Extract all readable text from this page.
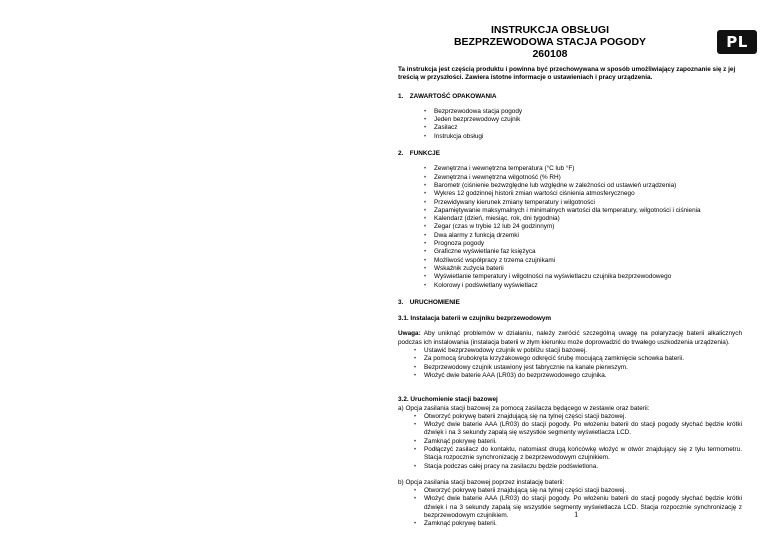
INSTRUKCJA OBSŁUGI
BEZPRZEWODOWA STACJA POGODY
260108
PL

Ta instrukcja jest częścią produktu i powinna być przechowywana w sposób umożliwiający zapoznanie się z jej treścią w przyszłości. Zawiera istotne informacje o ustawieniach i pracy urządzenia.

1. ZAWARTOŚĆ OPAKOWANIA
• Bezprzewodowa stacja pogody
• Jeden bezprzewodowy czujnik
• Zasilacz
• Instrukcja obsługi
2. FUNKCJE
• Zewnętrzna i wewnętrzna temperatura (°C lub °F)
• Zewnętrzna i wewnętrzna wilgotność (% RH)
• Barometr (ciśnienie bezwzględne lub względne w zależności od ustawień urządzenia)
• Wykres 12 godzinnej historii zmian wartości ciśnienia atmosferycznego
• Przewidywany kierunek zmiany temperatury i wilgotności
• Zapamiętywanie maksymalnych i minimalnych wartości dla temperatury, wilgotności i ciśnienia
• Kalendarz (dzień, miesiąc, rok, dni tygodnia)
• Zegar (czas w trybie 12 lub 24 godzinnym)
• Dwa alarmy z funkcją drzemki
• Prognoza pogody
• Graficzne wyświetlanie faz księżyca
• Możliwość współpracy z trzema czujnikami
• Wskaźnik zużycia baterii
• Wyświetlanie temperatury i wilgotności na wyświetlaczu czujnika bezprzewodowego
• Kolorowy i podświetlany wyświetlacz
3. URUCHOMIENIE
3.1. Instalacja baterii w czujniku bezprzewodowym

Uwaga: Aby uniknąć problemów w działaniu, należy zwrócić szczególną uwagę na polaryzację baterii alkalicznych podczas ich instalowania (instalacja baterii w złym kierunku może doprowadzić do trwałego uszkodzenia urządzenia).

• Ustawić bezprzewodowy czujnik w pobliżu stacji bazowej.
• Za pomocą śrubokręta krzyżakowego odkręcić śrubę mocującą zamknięcie schowka baterii.
• Bezprzewodowy czujnik ustawiony jest fabrycznie na kanale pierwszym.
• Włożyć dwie baterie AAA (LR03) do bezprzewodowego czujnika.
3.2. Uruchomienie stacji bazowej
a) Opcja zasilania stacji bazowej za pomocą zasilacza będącego w zestawie oraz baterii:
• Otworzyć pokrywę baterii znajdującą się na tylnej części stacji bazowej.
• Włożyć dwie baterie AAA (LR03) do stacji pogody. Po włożeniu baterii do stacji pogody słychać będzie krótki dźwięk i na 3 sekundy zapalą się wszystkie segmenty wyświetlacza LCD.
• Zamknąć pokrywę baterii.
• Podłączyć zasilacz do kontaktu, natomiast drugą końcówkę włożyć w otwór znajdujący się z tyłu termometru. Stacja rozpocznie synchronizację z bezprzewodowym czujnikiem.
• Stacja podczas całej pracy na zasilaczu będzie podświetlona.
b) Opcja zasilania stacji bazowej poprzez instalację baterii:
• Otworzyć pokrywę baterii znajdującą się na tylnej części stacji bazowej.
• Włożyć dwie baterie AAA (LR03) do stacji pogody. Po włożeniu baterii do stacji pogody słychać będzie krótki dźwięk i na 3 sekundy zapalą się wszystkie segmenty wyświetlacza LCD. Stacja rozpocznie synchronizację z bezprzewodowym czujnikiem.
• Zamknąć pokrywę baterii.
1
